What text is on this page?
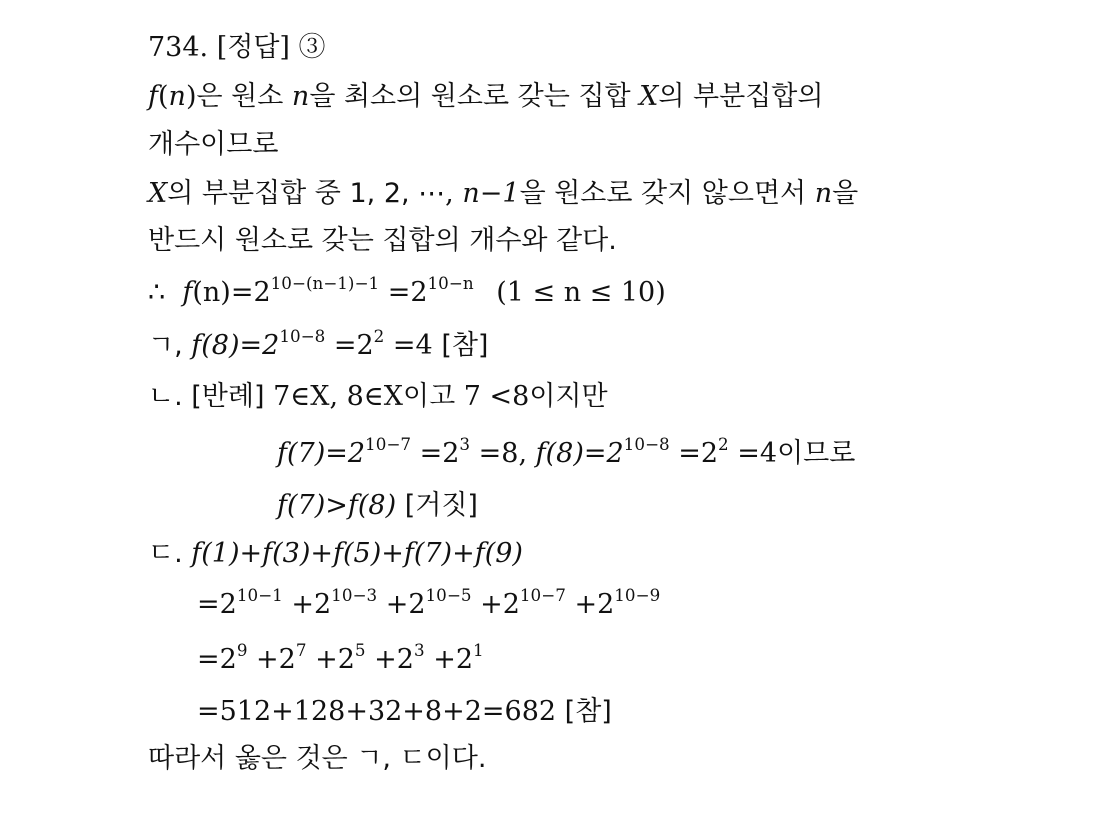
734. [정답] ③
f(n)은 원소 n을 최소의 원소로 갖는 집합 X의 부분집합의
개수이므로
X의 부분집합 중 1, 2, ⋯, n−1을 원소로 갖지 않으면서 n을
반드시 원소로 갖는 집합의 개수와 같다.
∴ $f(n)=2^{10-(n-1)-1} =2^{10-n}$ (1 ≤ n ≤ 10)
ㄱ, $f(8)=2^{10-8} =2^2 =4$ [참]
ㄴ. [반례] 7∈X, 8∈X이고 7 <8이지만
$f(7)=2^{10-7} =2^3 =8$, $f(8)=2^{10-8} =2^2 =4$이므로
f(7)>f(8) [거짓]
ㄷ. f(1)+f(3)+f(5)+f(7)+f(9)
$=2^{10-1} +2^{10-3} +2^{10-5} +2^{10-7} +2^{10-9}$
$=2^9 +2^7 +2^5 +2^3 +2^1$
=512+128+32+8+2=682 [참]
따라서 옳은 것은 ㄱ, ㄷ이다.
